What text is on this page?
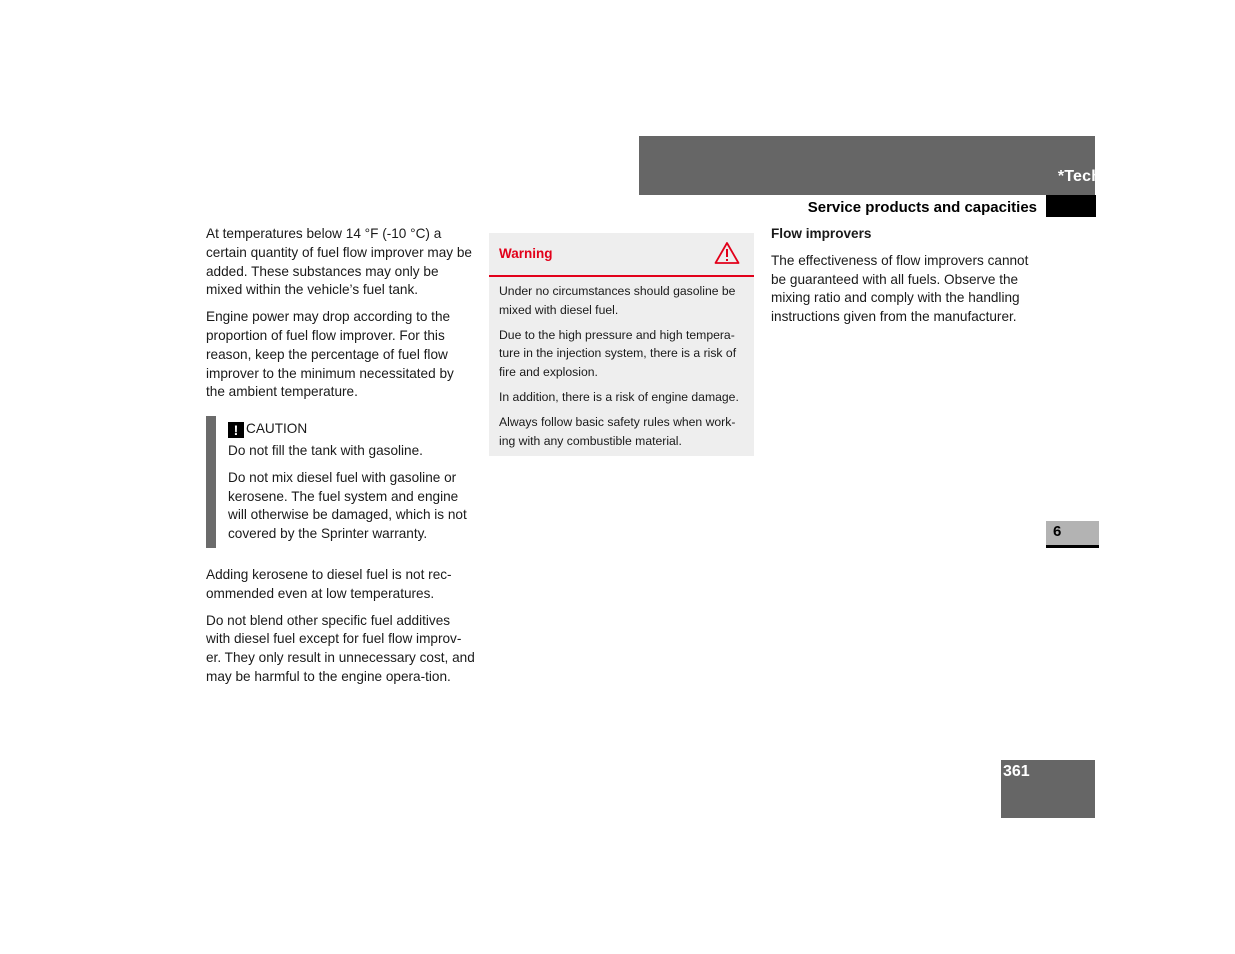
*Technical data
Service products and capacities

At temperatures below 14 °F (‑10 °C) a certain quantity of fuel flow improver may be added. These substances may only be mixed within the vehicle’s fuel tank.

Engine power may drop according to the proportion of fuel flow improver. For this reason, keep the percentage of fuel flow improver to the minimum necessitated by the ambient temperature.

! CAUTION

Do not fill the tank with gasoline.

Do not mix diesel fuel with gasoline or kerosene. The fuel system and engine will otherwise be damaged, which is not covered by the Sprinter warranty.

Adding kerosene to diesel fuel is not rec-ommended even at low temperatures.

Do not blend other specific fuel additives with diesel fuel except for fuel flow improv-er. They only result in unnecessary cost, and may be harmful to the engine opera-tion.

Warning

Under no circumstances should gasoline be mixed with diesel fuel.

Due to the high pressure and high tempera-ture in the injection system, there is a risk of fire and explosion.

In addition, there is a risk of engine damage.

Always follow basic safety rules when work-ing with any combustible material.

Flow improvers

The effectiveness of flow improvers cannot be guaranteed with all fuels. Observe the mixing ratio and comply with the handling instructions given from the manufacturer.

6
361
